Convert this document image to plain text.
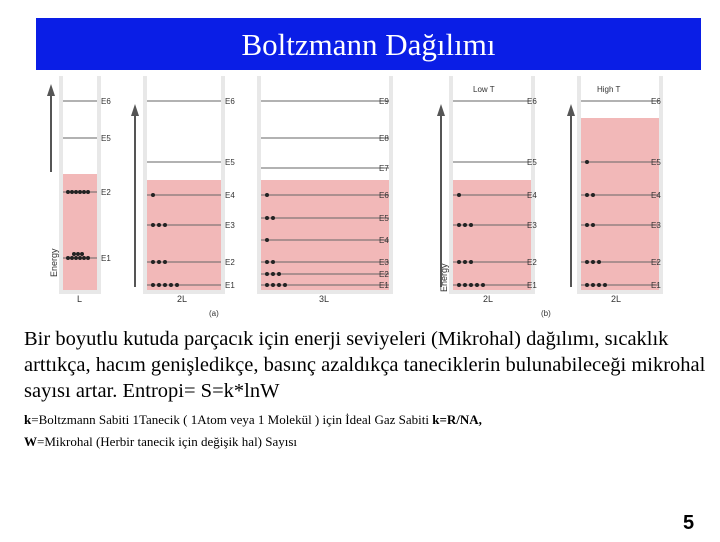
Boltzmann Dağılımı
Energy
E6
E5
E2
E1
L
E6
E5
E4
E3
E2
E1
2L
E9
E8
E7
E6
E5
E4
E3
E2
E1
3L
(a)
Energy
Low T
E6
E5
E4
E3
E2
E1
2L
High T
E6
E5
E4
E3
E2
E1
2L
(b)
Bir boyutlu kutuda parçacık için enerji seviyeleri (Mikrohal) dağılımı, sıcaklık arttıkça, hacım genişledikçe, basınç azaldıkça taneciklerin bulunabileceği mikrohal sayısı artar. Entropi= S=k*lnW
k=Boltzmann Sabiti 1Tanecik ( 1Atom veya 1 Molekül ) için İdeal Gaz Sabiti k=R/NA,
W=Mikrohal (Herbir tanecik için değişik hal) Sayısı
5
